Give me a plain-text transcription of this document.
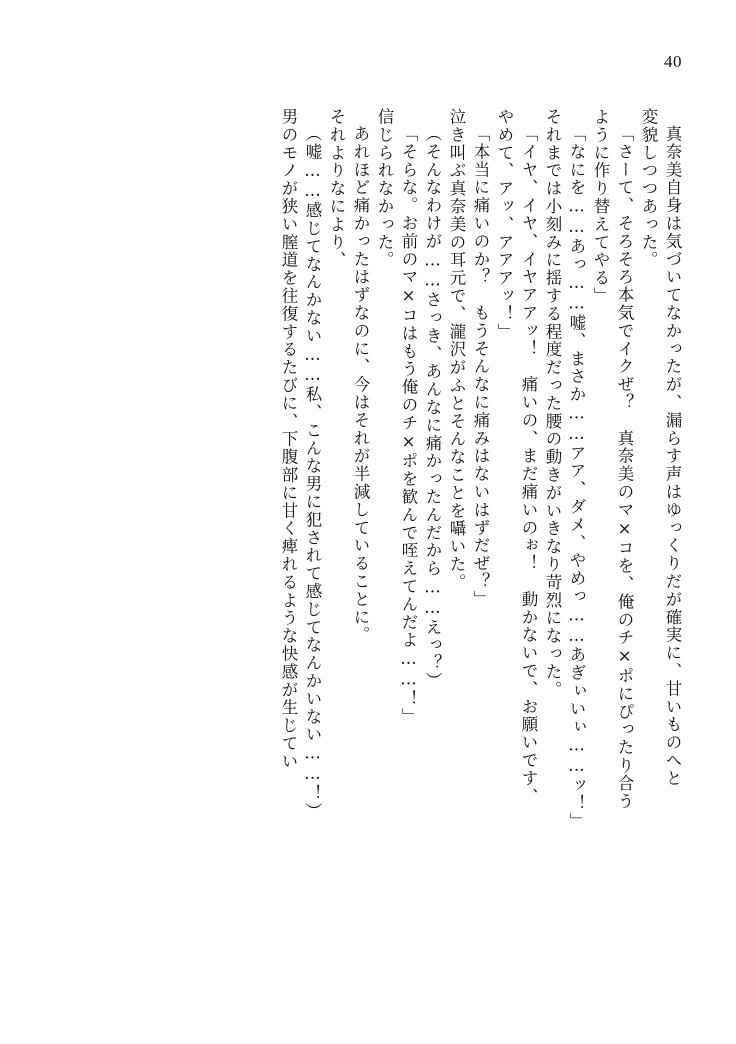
40
真奈美自身は気づいてなかったが、漏らす声はゆっくりだが確実に、甘いものへと
変貌しつつあった。
「さーて、そろそろ本気でイクぜ？　真奈美のマ×コを、俺のチ×ポにぴったり合う
ように作り替えてやる」
「なにを……あっ……嘘、まさか……アア、ダメ、やめっ……あぎぃいぃ……ッ！」
それまでは小刻みに揺する程度だった腰の動きがいきなり苛烈になった。
「イヤ、イヤ、イヤアアッ！　痛いの、まだ痛いのぉ！　動かないで、お願いです、
やめて、アッ、アアアッ！」
「本当に痛いのか？　もうそんなに痛みはないはずだぜ？」
泣き叫ぶ真奈美の耳元で、瀧沢がふとそんなことを囁いた。
（そんなわけが……さっき、あんなに痛かったんだから……えっ？）
「そらな。お前のマ×コはもう俺のチ×ポを歓んで咥えてんだよ……！」
信じられなかった。
あれほど痛かったはずなのに、今はそれが半減していることに。
それよりなにより、
（嘘……感じてなんかない……私、こんな男に犯されて感じてなんかいない……！）
男のモノが狭い膣道を往復するたびに、下腹部に甘く痺れるような快感が生じてい
